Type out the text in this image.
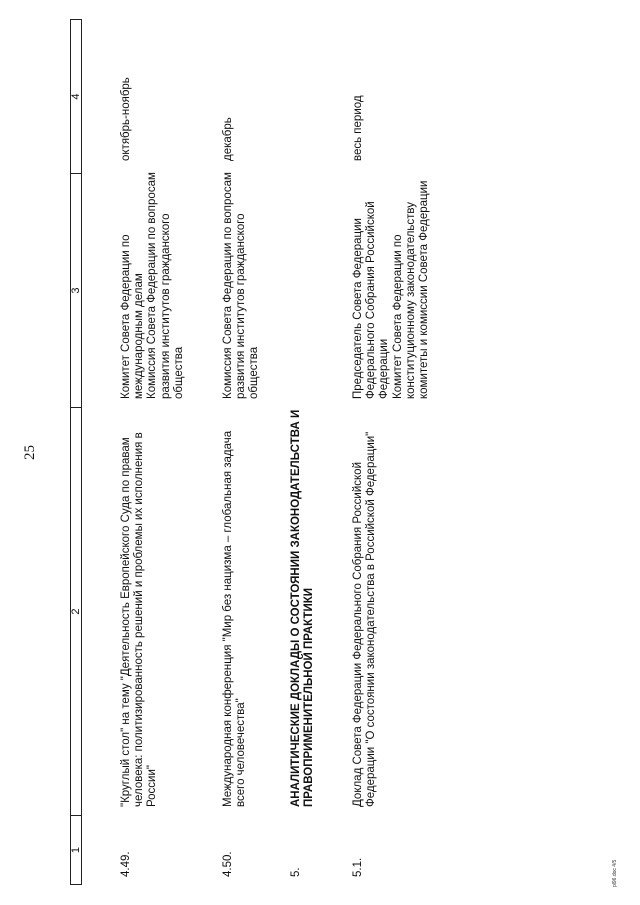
25
1
2
3
4
4.49.
"Круглый стол" на тему "Деятельность Европейского Суда по правам человека: политизированность решений и проблемы их исполнения в России"
Комитет Совета Федерации по международным делам Комиссия Совета Федерации по вопросам развития институтов гражданского общества
октябрь-ноябрь
4.50.
Международная конференция "Мир без нацизма – глобальная задача всего человечества"
Комиссия Совета Федерации по вопросам развития институтов гражданского общества
декабрь
5.
АНАЛИТИЧЕСКИЕ ДОКЛАДЫ О СОСТОЯНИИ ЗАКОНОДАТЕЛЬСТВА И ПРАВОПРИМЕНИТЕЛЬНОЙ ПРАКТИКИ
5.1.
Доклад Совета Федерации Федерального Собрания Российской Федерации "О состоянии законодательства в Российской Федерации"
Председатель Совета Федерации Федерального Собрания Российской Федерации Комитет Совета Федерации по конституционному законодательству комитеты и комиссии Совета Федерации
весь период
pl96.doc 4/5
